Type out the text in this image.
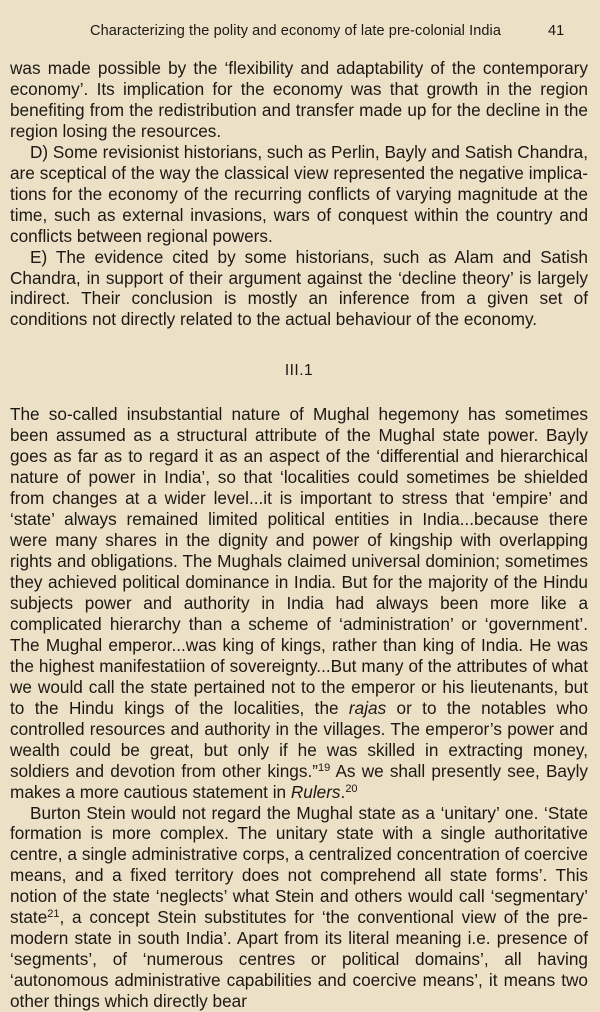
Characterizing the polity and economy of late pre-colonial India	41

was made possible by the ‘flexibility and adaptability of the contemporary economy’. Its implication for the economy was that growth in the region benefiting from the redistribution and transfer made up for the decline in the region losing the resources.

D) Some revisionist historians, such as Perlin, Bayly and Satish Chandra, are sceptical of the way the classical view represented the negative implications for the economy of the recurring conflicts of varying magnitude at the time, such as external invasions, wars of conquest within the country and conflicts between regional powers.

E) The evidence cited by some historians, such as Alam and Satish Chandra, in support of their argument against the ‘decline theory’ is largely indirect. Their conclusion is mostly an inference from a given set of conditions not directly related to the actual behaviour of the economy.

III.1

The so-called insubstantial nature of Mughal hegemony has sometimes been assumed as a structural attribute of the Mughal state power. Bayly goes as far as to regard it as an aspect of the ‘differential and hierarchical nature of power in India’, so that ‘localities could sometimes be shielded from changes at a wider level...it is important to stress that ‘empire’ and ‘state’ always remained limited political entities in India...because there were many shares in the dignity and power of kingship with overlapping rights and obligations. The Mughals claimed universal dominion; sometimes they achieved political dominance in India. But for the majority of the Hindu subjects power and authority in India had always been more like a complicated hierarchy than a scheme of ‘administration’ or ‘government’. The Mughal emperor...was king of kings, rather than king of India. He was the highest manifestatiion of sovereignty...But many of the attributes of what we would call the state pertained not to the emperor or his lieutenants, but to the Hindu kings of the localities, the rajas or to the notables who controlled resources and authority in the villages. The emperor’s power and wealth could be great, but only if he was skilled in extracting money, soldiers and devotion from other kings.”$^{19}$ As we shall presently see, Bayly makes a more cautious statement in Rulers.$^{20}$

Burton Stein would not regard the Mughal state as a ‘unitary’ one. ‘State formation is more complex. The unitary state with a single authoritative centre, a single administrative corps, a centralized concentration of coercive means, and a fixed territory does not comprehend all state forms’. This notion of the state ‘neglects’ what Stein and others would call ‘segmentary’ state$^{21}$, a concept Stein substitutes for ‘the conventional view of the pre-modern state in south India’. Apart from its literal meaning i.e. presence of ‘segments’, of ‘numerous centres or political domains’, all having ‘autonomous administrative capabilities and coercive means’, it means two other things which directly bear
